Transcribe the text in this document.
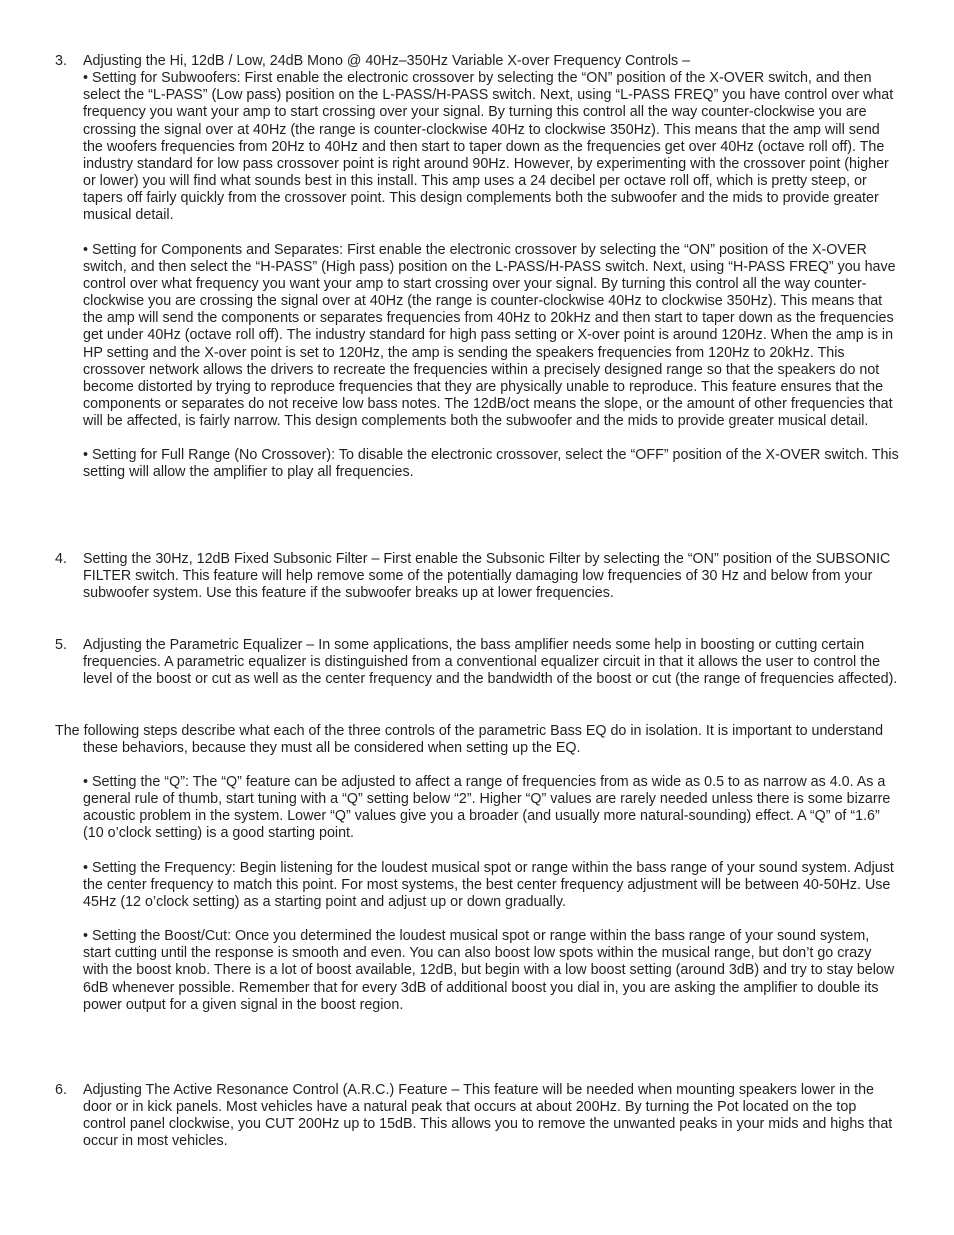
3.	Adjusting the Hi, 12dB / Low, 24dB Mono @ 40Hz–350Hz Variable X-over Frequency Controls –

• Setting for Subwoofers: First enable the electronic crossover by selecting the “ON” position of the X-OVER switch, and then select the “L-PASS” (Low pass) position on the L-PASS/H-PASS switch. Next, using “L-PASS FREQ” you have control over what frequency you want your amp to start crossing over your signal. By turning this control all the way counter-clockwise you are crossing the signal over at 40Hz (the range is counter-clockwise 40Hz to clockwise 350Hz). This means that the amp will send the woofers frequencies from 20Hz to 40Hz and then start to taper down as the frequencies get over 40Hz (octave roll off). The industry standard for low pass crossover point is right around 90Hz. However, by experimenting with the crossover point (higher or lower) you will find what sounds best in this install. This amp uses a 24 decibel per octave roll off, which is pretty steep, or tapers off fairly quickly from the crossover point. This design complements both the subwoofer and the mids to provide greater musical detail.

• Setting for Components and Separates: First enable the electronic crossover by selecting the “ON” position of the X-OVER switch, and then select the “H-PASS” (High pass) position on the L-PASS/H-PASS switch. Next, using “H-PASS FREQ” you have control over what frequency you want your amp to start crossing over your signal. By turning this control all the way counter-clockwise you are crossing the signal over at 40Hz (the range is counter-clockwise 40Hz to clockwise 350Hz). This means that the amp will send the components or separates frequencies from 40Hz to 20kHz and then start to taper down as the frequencies get under 40Hz (octave roll off). The industry standard for high pass setting or X-over point is around 120Hz. When the amp is in HP setting and the X-over point is set to 120Hz, the amp is sending the speakers frequencies from 120Hz to 20kHz. This crossover network allows the drivers to recreate the frequencies within a precisely designed range so that the speakers do not become distorted by trying to reproduce frequencies that they are physically unable to reproduce. This feature ensures that the components or separates do not receive low bass notes. The 12dB/oct means the slope, or the amount of other frequencies that will be affected, is fairly narrow. This design complements both the subwoofer and the mids to provide greater musical detail.

• Setting for Full Range (No Crossover): To disable the electronic crossover, select the “OFF” position of the X-OVER switch. This setting will allow the amplifier to play all frequencies.

4.	Setting the 30Hz, 12dB Fixed Subsonic Filter – First enable the Subsonic Filter by selecting the “ON” position of the SUBSONIC FILTER switch. This feature will help remove some of the potentially damaging low frequencies of 30 Hz and below from your subwoofer system. Use this feature if the subwoofer breaks up at lower frequencies.

5.	Adjusting the Parametric Equalizer – In some applications, the bass amplifier needs some help in boosting or cutting certain frequencies. A parametric equalizer is distinguished from a conventional equalizer circuit in that it allows the user to control the level of the boost or cut as well as the center frequency and the bandwidth of the boost or cut (the range of frequencies affected).

The following steps describe what each of the three controls of the parametric Bass EQ do in isolation. It is important to understand these behaviors, because they must all be considered when setting up the EQ.

• Setting the “Q”: The “Q” feature can be adjusted to affect a range of frequencies from as wide as 0.5 to as narrow as 4.0. As a general rule of thumb, start tuning with a “Q” setting below “2”. Higher “Q” values are rarely needed unless there is some bizarre acoustic problem in the system. Lower “Q” values give you a broader (and usually more natural-sounding) effect. A “Q” of “1.6” (10 o’clock setting) is a good starting point.

• Setting the Frequency: Begin listening for the loudest musical spot or range within the bass range of your sound system. Adjust the center frequency to match this point. For most systems, the best center frequency adjustment will be between 40-50Hz. Use 45Hz (12 o’clock setting) as a starting point and adjust up or down gradually.

• Setting the Boost/Cut: Once you determined the loudest musical spot or range within the bass range of your sound system, start cutting until the response is smooth and even. You can also boost low spots within the musical range, but don’t go crazy with the boost knob. There is a lot of boost available, 12dB, but begin with a low boost setting (around 3dB) and try to stay below 6dB whenever possible. Remember that for every 3dB of additional boost you dial in, you are asking the amplifier to double its power output for a given signal in the boost region.

6.	Adjusting The Active Resonance Control (A.R.C.) Feature – This feature will be needed when mounting speakers lower in the door or in kick panels. Most vehicles have a natural peak that occurs at about 200Hz. By turning the Pot located on the top control panel clockwise, you CUT 200Hz up to 15dB. This allows you to remove the unwanted peaks in your mids and highs that occur in most vehicles.
